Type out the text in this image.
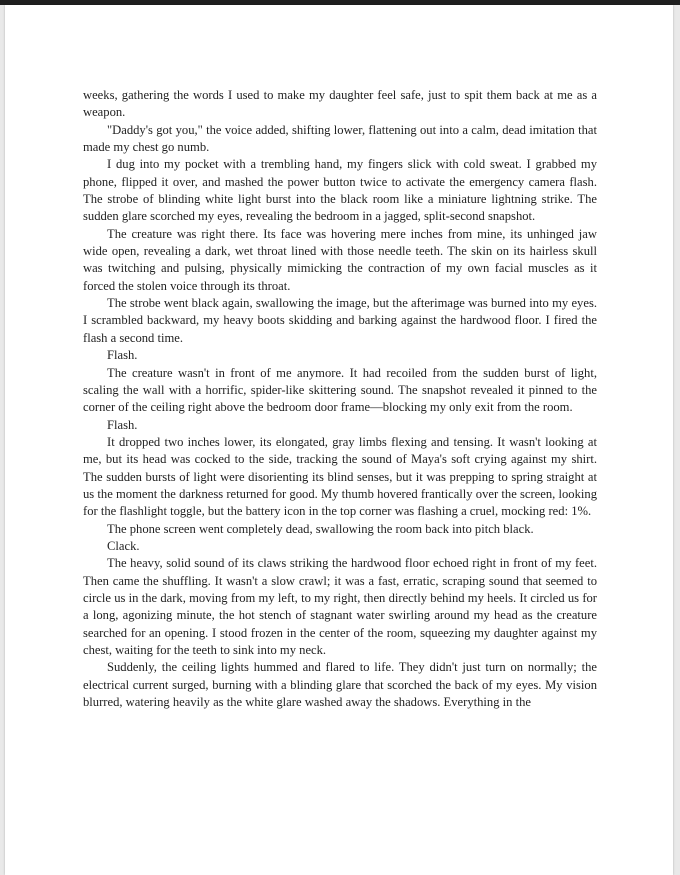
weeks, gathering the words I used to make my daughter feel safe, just to spit them back at me as a weapon.

"Daddy's got you," the voice added, shifting lower, flattening out into a calm, dead imitation that made my chest go numb.

I dug into my pocket with a trembling hand, my fingers slick with cold sweat. I grabbed my phone, flipped it over, and mashed the power button twice to activate the emergency camera flash. The strobe of blinding white light burst into the black room like a miniature lightning strike. The sudden glare scorched my eyes, revealing the bedroom in a jagged, split-second snapshot.

The creature was right there. Its face was hovering mere inches from mine, its unhinged jaw wide open, revealing a dark, wet throat lined with those needle teeth. The skin on its hairless skull was twitching and pulsing, physically mimicking the contraction of my own facial muscles as it forced the stolen voice through its throat.

The strobe went black again, swallowing the image, but the afterimage was burned into my eyes. I scrambled backward, my heavy boots skidding and barking against the hardwood floor. I fired the flash a second time.

Flash.

The creature wasn't in front of me anymore. It had recoiled from the sudden burst of light, scaling the wall with a horrific, spider-like skittering sound. The snapshot revealed it pinned to the corner of the ceiling right above the bedroom door frame—blocking my only exit from the room.

Flash.

It dropped two inches lower, its elongated, gray limbs flexing and tensing. It wasn't looking at me, but its head was cocked to the side, tracking the sound of Maya's soft crying against my shirt. The sudden bursts of light were disorienting its blind senses, but it was prepping to spring straight at us the moment the darkness returned for good. My thumb hovered frantically over the screen, looking for the flashlight toggle, but the battery icon in the top corner was flashing a cruel, mocking red: 1%.

The phone screen went completely dead, swallowing the room back into pitch black.

Clack.

The heavy, solid sound of its claws striking the hardwood floor echoed right in front of my feet. Then came the shuffling. It wasn't a slow crawl; it was a fast, erratic, scraping sound that seemed to circle us in the dark, moving from my left, to my right, then directly behind my heels. It circled us for a long, agonizing minute, the hot stench of stagnant water swirling around my head as the creature searched for an opening. I stood frozen in the center of the room, squeezing my daughter against my chest, waiting for the teeth to sink into my neck.

Suddenly, the ceiling lights hummed and flared to life. They didn't just turn on normally; the electrical current surged, burning with a blinding glare that scorched the back of my eyes. My vision blurred, watering heavily as the white glare washed away the shadows. Everything in the
